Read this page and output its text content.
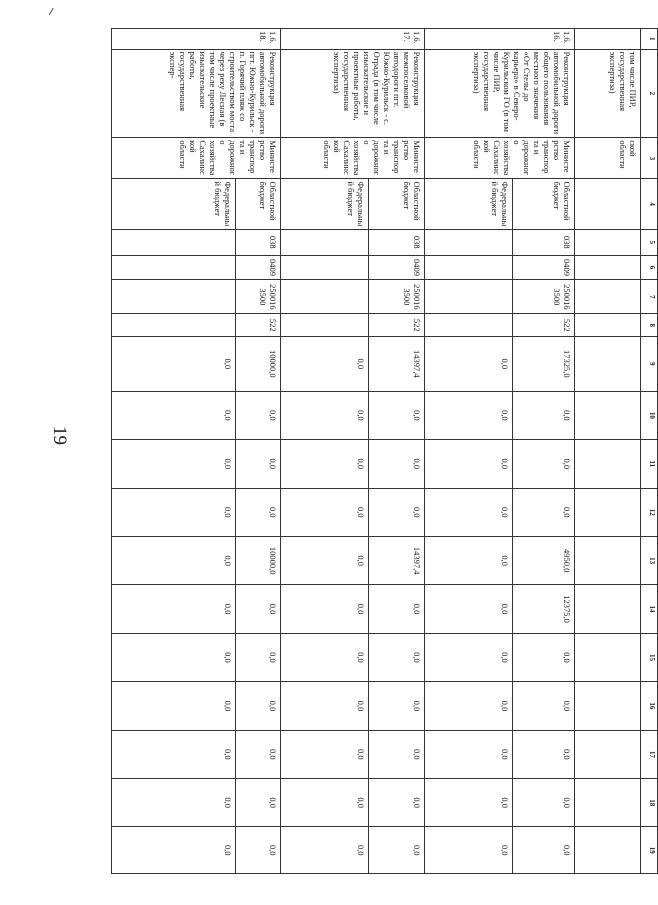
19
1	2	3	4	5	6	7	8	9	10	11	12	13	14	15	16	17	18	19
	том числе ПИР, государственная экспертиза)	ской области																
1.6.16.	Реконструкция автомобильной дороги общего пользования местного значения «От Стелы до карьера» в Северо-Курильском ГО (в том числе ПИР, государственная экспертиза)	Министерство транспорта и дорожного хозяйства Сахалинской области	Областной бюджет	038	0409	2500163500	522	17325,0	0,0	0,0	0,0	4950,0	12375,0	0,0	0,0	0,0	0,0	0,0
			Федеральный бюджет					0,0	0,0	0,0	0,0	0,0	0,0	0,0	0,0	0,0	0,0	0,0
1.6.17.	Реконструкция межпоселковой автодороги пгт. Южно-Курильск - с. Отрада (в том числе изыскательские и проектные работы, государственная экспертиза)	Министерство транспорта и дорожного хозяйства Сахалинской области	Областной бюджет	038	0409	2500163500	522	14397,4	0,0	0,0	0,0	14397,4	0,0	0,0	0,0	0,0	0,0	0,0
			Федеральный бюджет					0,0	0,0	0,0	0,0	0,0	0,0	0,0	0,0	0,0	0,0	0,0
1.6.18.	Реконструкция автомобильной дороги пгт. Южно-Курильск - п. Горячий пляж со строительством моста через реку Лесная (в том числе проектные изыскательские работы, государственная экспер-	Министерство транспорта и дорожного хозяйства Сахалинской области	Областной бюджет	038	0409	2500163500	522	10000,0	0,0	0,0	0,0	10000,0	0,0	0,0	0,0	0,0	0,0	0,0
			Федеральный бюджет					0,0	0,0	0,0	0,0	0,0	0,0	0,0	0,0	0,0	0,0	0,0
